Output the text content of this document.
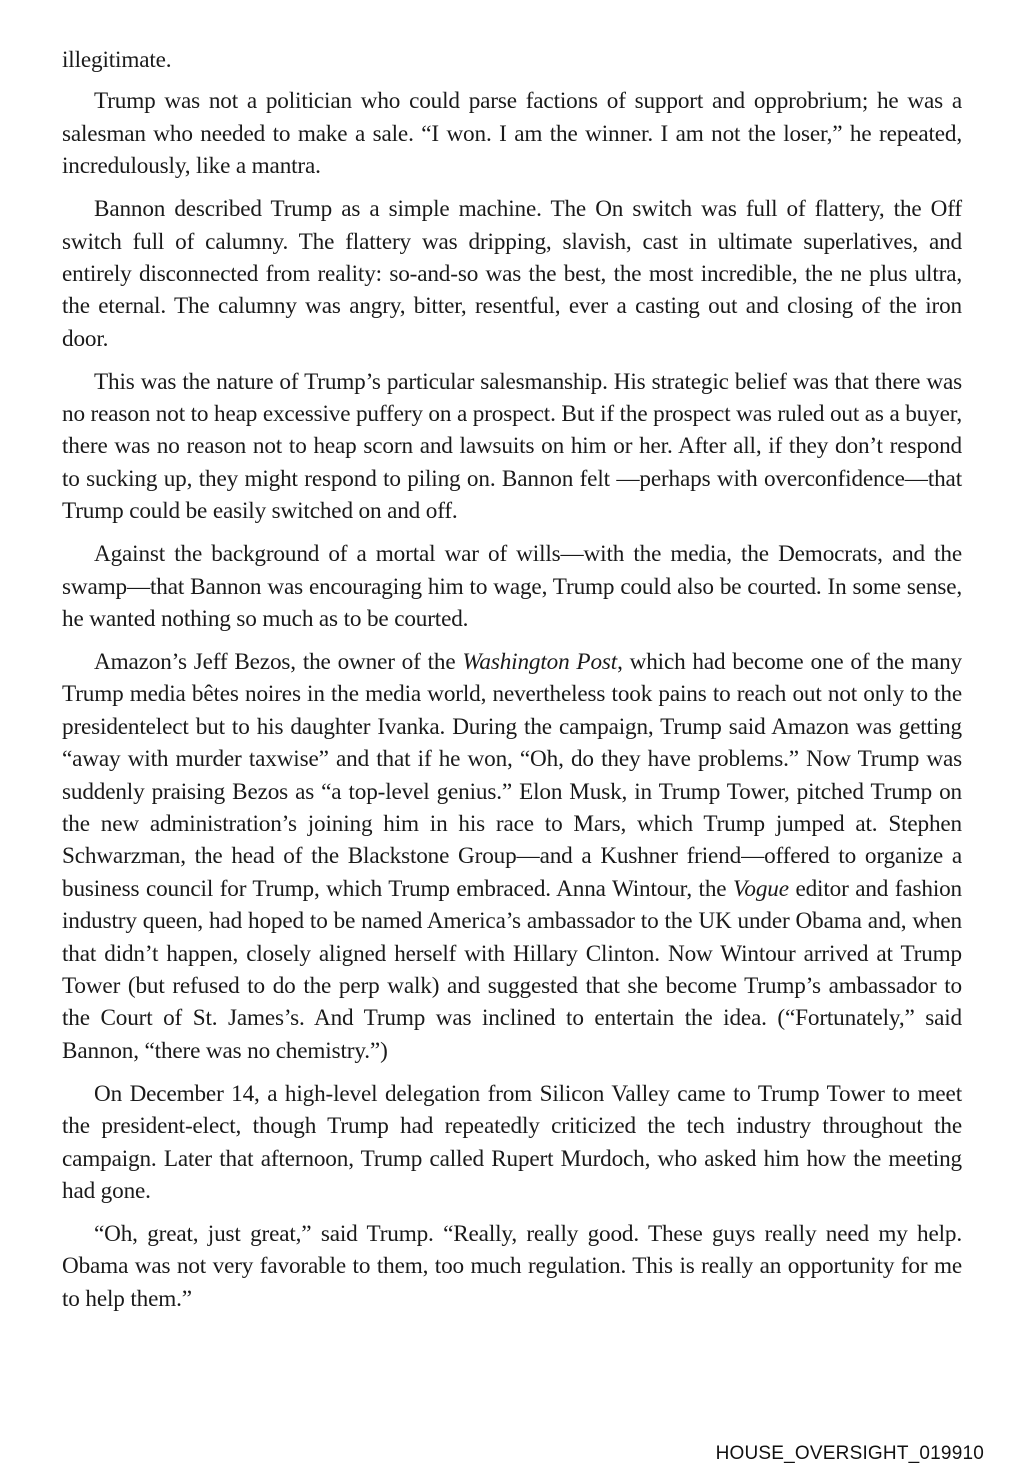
illegitimate.

Trump was not a politician who could parse factions of support and opprobrium; he was a salesman who needed to make a sale. “I won. I am the winner. I am not the loser,” he repeated, incredulously, like a mantra.

Bannon described Trump as a simple machine. The On switch was full of flattery, the Off switch full of calumny. The flattery was dripping, slavish, cast in ultimate superlatives, and entirely disconnected from reality: so-and-so was the best, the most incredible, the ne plus ultra, the eternal. The calumny was angry, bitter, resentful, ever a casting out and closing of the iron door.

This was the nature of Trump’s particular salesmanship. His strategic belief was that there was no reason not to heap excessive puffery on a prospect. But if the prospect was ruled out as a buyer, there was no reason not to heap scorn and lawsuits on him or her. After all, if they don’t respond to sucking up, they might respond to piling on. Bannon felt —perhaps with overconfidence—that Trump could be easily switched on and off.

Against the background of a mortal war of wills—with the media, the Democrats, and the swamp—that Bannon was encouraging him to wage, Trump could also be courted. In some sense, he wanted nothing so much as to be courted.

Amazon’s Jeff Bezos, the owner of the Washington Post, which had become one of the many Trump media bêtes noires in the media world, nevertheless took pains to reach out not only to the presidentelect but to his daughter Ivanka. During the campaign, Trump said Amazon was getting “away with murder taxwise” and that if he won, “Oh, do they have problems.” Now Trump was suddenly praising Bezos as “a top-level genius.” Elon Musk, in Trump Tower, pitched Trump on the new administration’s joining him in his race to Mars, which Trump jumped at. Stephen Schwarzman, the head of the Blackstone Group—and a Kushner friend—offered to organize a business council for Trump, which Trump embraced. Anna Wintour, the Vogue editor and fashion industry queen, had hoped to be named America’s ambassador to the UK under Obama and, when that didn’t happen, closely aligned herself with Hillary Clinton. Now Wintour arrived at Trump Tower (but refused to do the perp walk) and suggested that she become Trump’s ambassador to the Court of St. James’s. And Trump was inclined to entertain the idea. (“Fortunately,” said Bannon, “there was no chemistry.”)

On December 14, a high-level delegation from Silicon Valley came to Trump Tower to meet the president-elect, though Trump had repeatedly criticized the tech industry throughout the campaign. Later that afternoon, Trump called Rupert Murdoch, who asked him how the meeting had gone.

“Oh, great, just great,” said Trump. “Really, really good. These guys really need my help. Obama was not very favorable to them, too much regulation. This is really an opportunity for me to help them.”

HOUSE_OVERSIGHT_019910
